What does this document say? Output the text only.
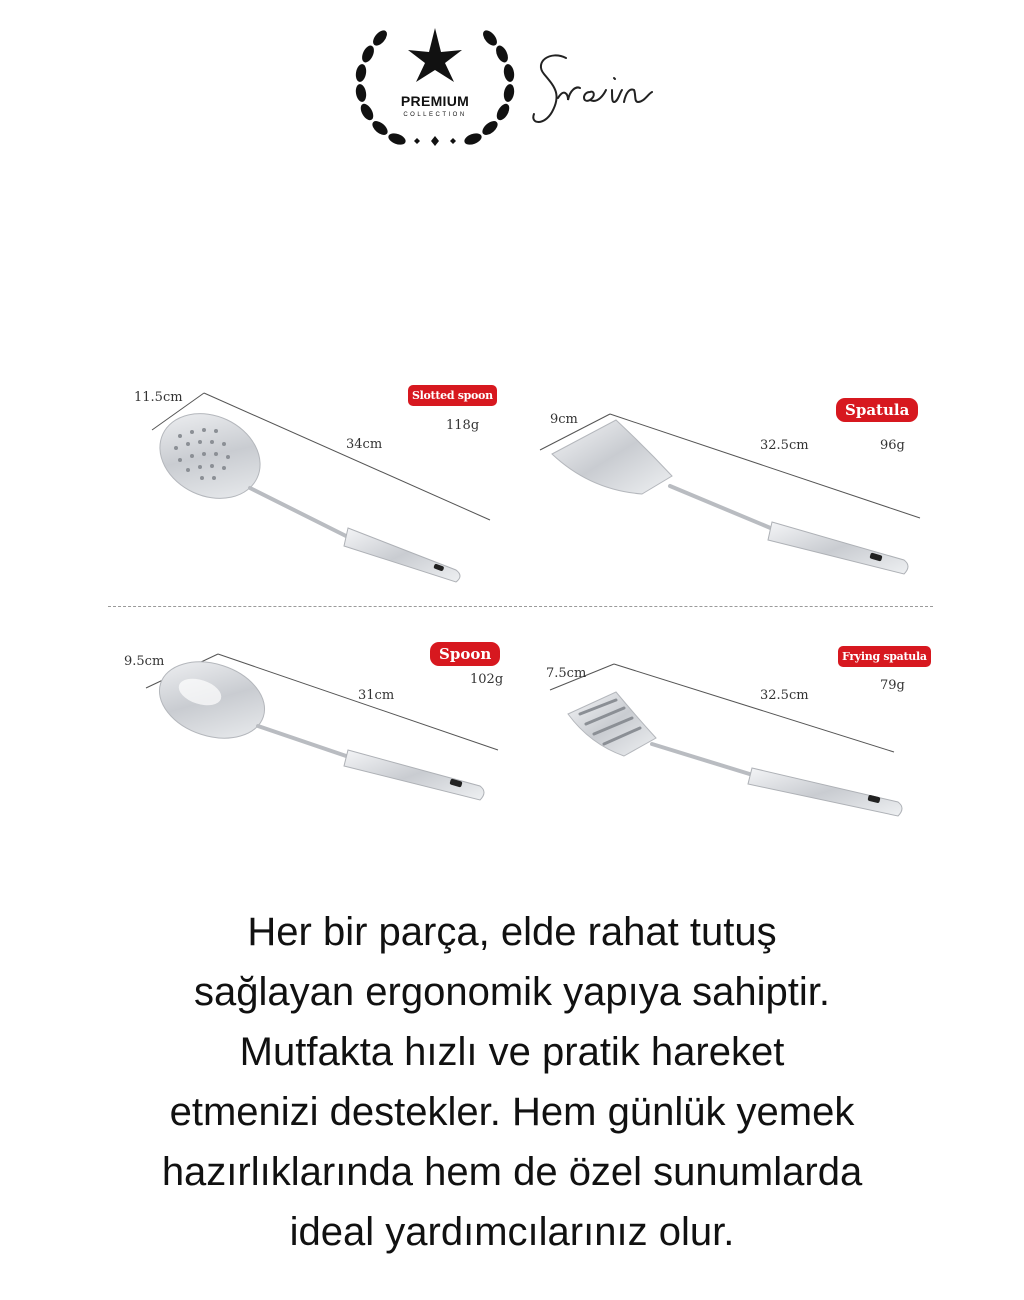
PREMIUM
COLLECTION
11.5cm
34cm
Slotted spoon
118g	9cm
32.5cm
Spatula
96g
9.5cm
31cm
Spoon
102g	7.5cm
32.5cm
Frying spatula
79g
Her bir parça, elde rahat tutuş
sağlayan ergonomik yapıya sahiptir.
Mutfakta hızlı ve pratik hareket
etmenizi destekler. Hem günlük yemek
hazırlıklarında hem de özel sunumlarda
ideal yardımcılarınız olur.
